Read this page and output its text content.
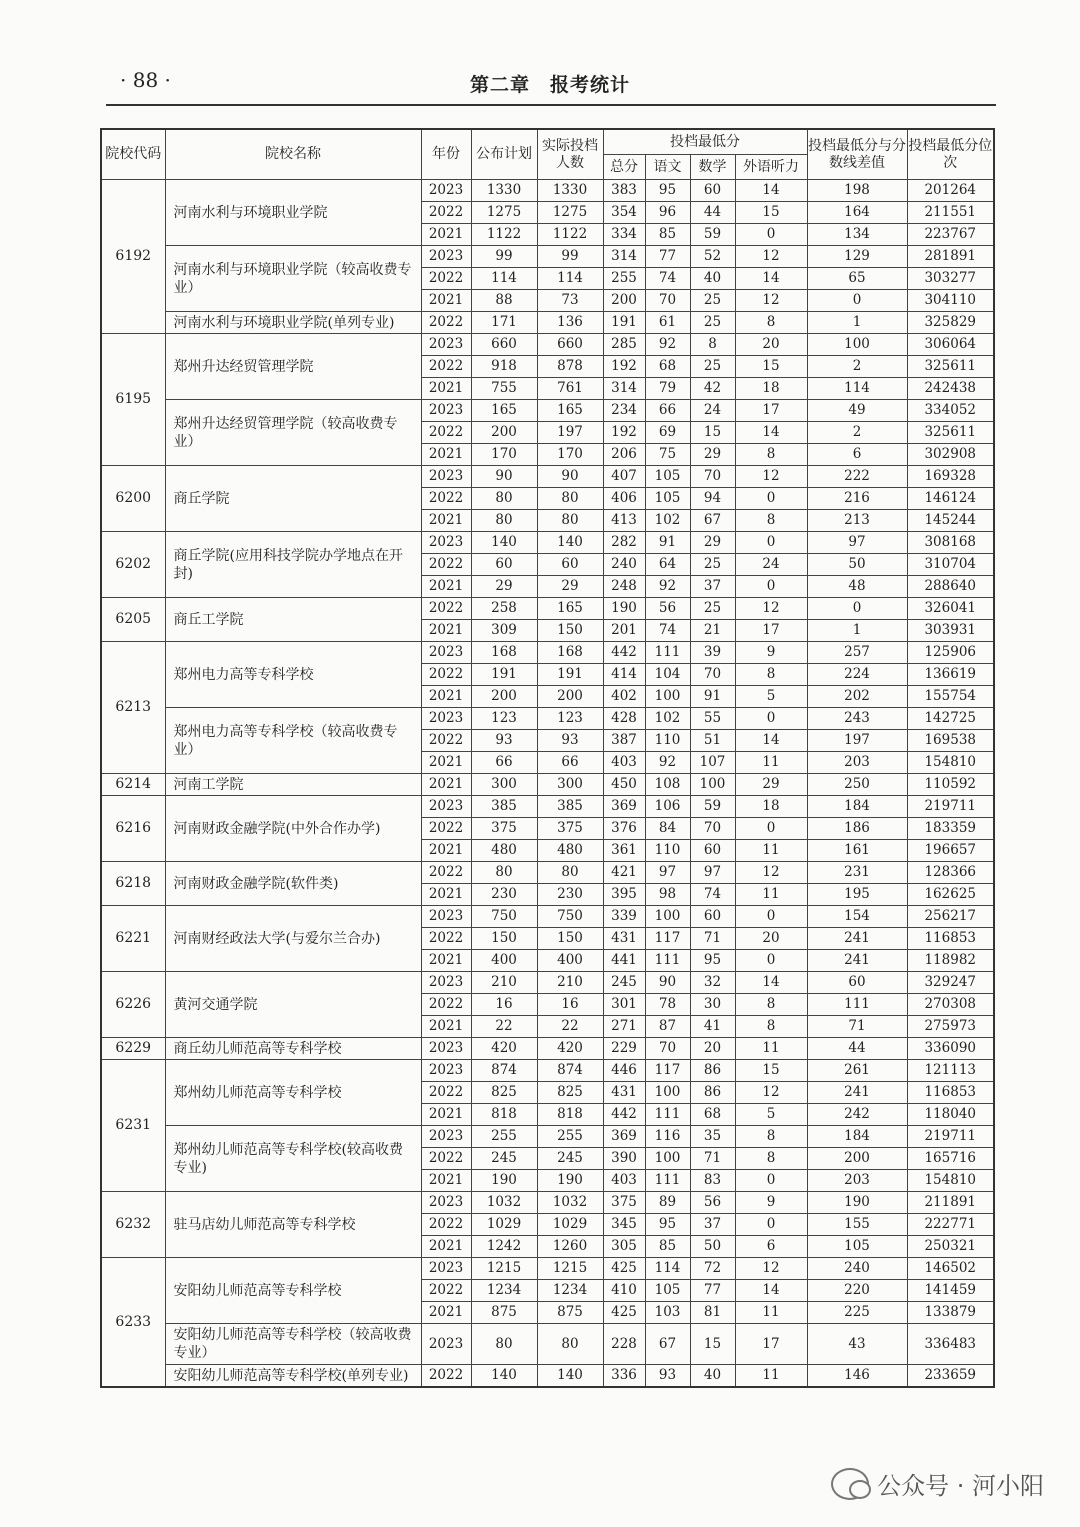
· 88 ·	第二章　报考统计
院校代码	院校名称	年份	公布计划	实际投档人数	投档最低分				投档最低分与分数线差值	投档最低分位次
					总分	语文	数学	外语听力		
6192	河南水利与环境职业学院	2023	1330	1330	383	95	60	14	198	201264
		2022	1275	1275	354	96	44	15	164	211551
		2021	1122	1122	334	85	59	0	134	223767
	河南水利与环境职业学院（较高收费专业）	2023	99	99	314	77	52	12	129	281891
		2022	114	114	255	74	40	14	65	303277
		2021	88	73	200	70	25	12	0	304110
	河南水利与环境职业学院(单列专业)	2022	171	136	191	61	25	8	1	325829
6195	郑州升达经贸管理学院	2023	660	660	285	92	8	20	100	306064
		2022	918	878	192	68	25	15	2	325611
		2021	755	761	314	79	42	18	114	242438
	郑州升达经贸管理学院（较高收费专业）	2023	165	165	234	66	24	17	49	334052
		2022	200	197	192	69	15	14	2	325611
		2021	170	170	206	75	29	8	6	302908
6200	商丘学院	2023	90	90	407	105	70	12	222	169328
		2022	80	80	406	105	94	0	216	146124
		2021	80	80	413	102	67	8	213	145244
6202	商丘学院(应用科技学院办学地点在开封)	2023	140	140	282	91	29	0	97	308168
		2022	60	60	240	64	25	24	50	310704
		2021	29	29	248	92	37	0	48	288640
6205	商丘工学院	2022	258	165	190	56	25	12	0	326041
		2021	309	150	201	74	21	17	1	303931
6213	郑州电力高等专科学校	2023	168	168	442	111	39	9	257	125906
		2022	191	191	414	104	70	8	224	136619
		2021	200	200	402	100	91	5	202	155754
	郑州电力高等专科学校（较高收费专业）	2023	123	123	428	102	55	0	243	142725
		2022	93	93	387	110	51	14	197	169538
		2021	66	66	403	92	107	11	203	154810
6214	河南工学院	2021	300	300	450	108	100	29	250	110592
6216	河南财政金融学院(中外合作办学)	2023	385	385	369	106	59	18	184	219711
		2022	375	375	376	84	70	0	186	183359
		2021	480	480	361	110	60	11	161	196657
6218	河南财政金融学院(软件类)	2022	80	80	421	97	97	12	231	128366
		2021	230	230	395	98	74	11	195	162625
6221	河南财经政法大学(与爱尔兰合办)	2023	750	750	339	100	60	0	154	256217
		2022	150	150	431	117	71	20	241	116853
		2021	400	400	441	111	95	0	241	118982
6226	黄河交通学院	2023	210	210	245	90	32	14	60	329247
		2022	16	16	301	78	30	8	111	270308
		2021	22	22	271	87	41	8	71	275973
6229	商丘幼儿师范高等专科学校	2023	420	420	229	70	20	11	44	336090
6231	郑州幼儿师范高等专科学校	2023	874	874	446	117	86	15	261	121113
		2022	825	825	431	100	86	12	241	116853
		2021	818	818	442	111	68	5	242	118040
	郑州幼儿师范高等专科学校(较高收费专业)	2023	255	255	369	116	35	8	184	219711
		2022	245	245	390	100	71	8	200	165716
		2021	190	190	403	111	83	0	203	154810
6232	驻马店幼儿师范高等专科学校	2023	1032	1032	375	89	56	9	190	211891
		2022	1029	1029	345	95	37	0	155	222771
		2021	1242	1260	305	85	50	6	105	250321
6233	安阳幼儿师范高等专科学校	2023	1215	1215	425	114	72	12	240	146502
		2022	1234	1234	410	105	77	14	220	141459
		2021	875	875	425	103	81	11	225	133879
	安阳幼儿师范高等专科学校（较高收费专业）	2023	80	80	228	67	15	17	43	336483
	安阳幼儿师范高等专科学校(单列专业)	2022	140	140	336	93	40	11	146	233659
公众号 · 河小阳
